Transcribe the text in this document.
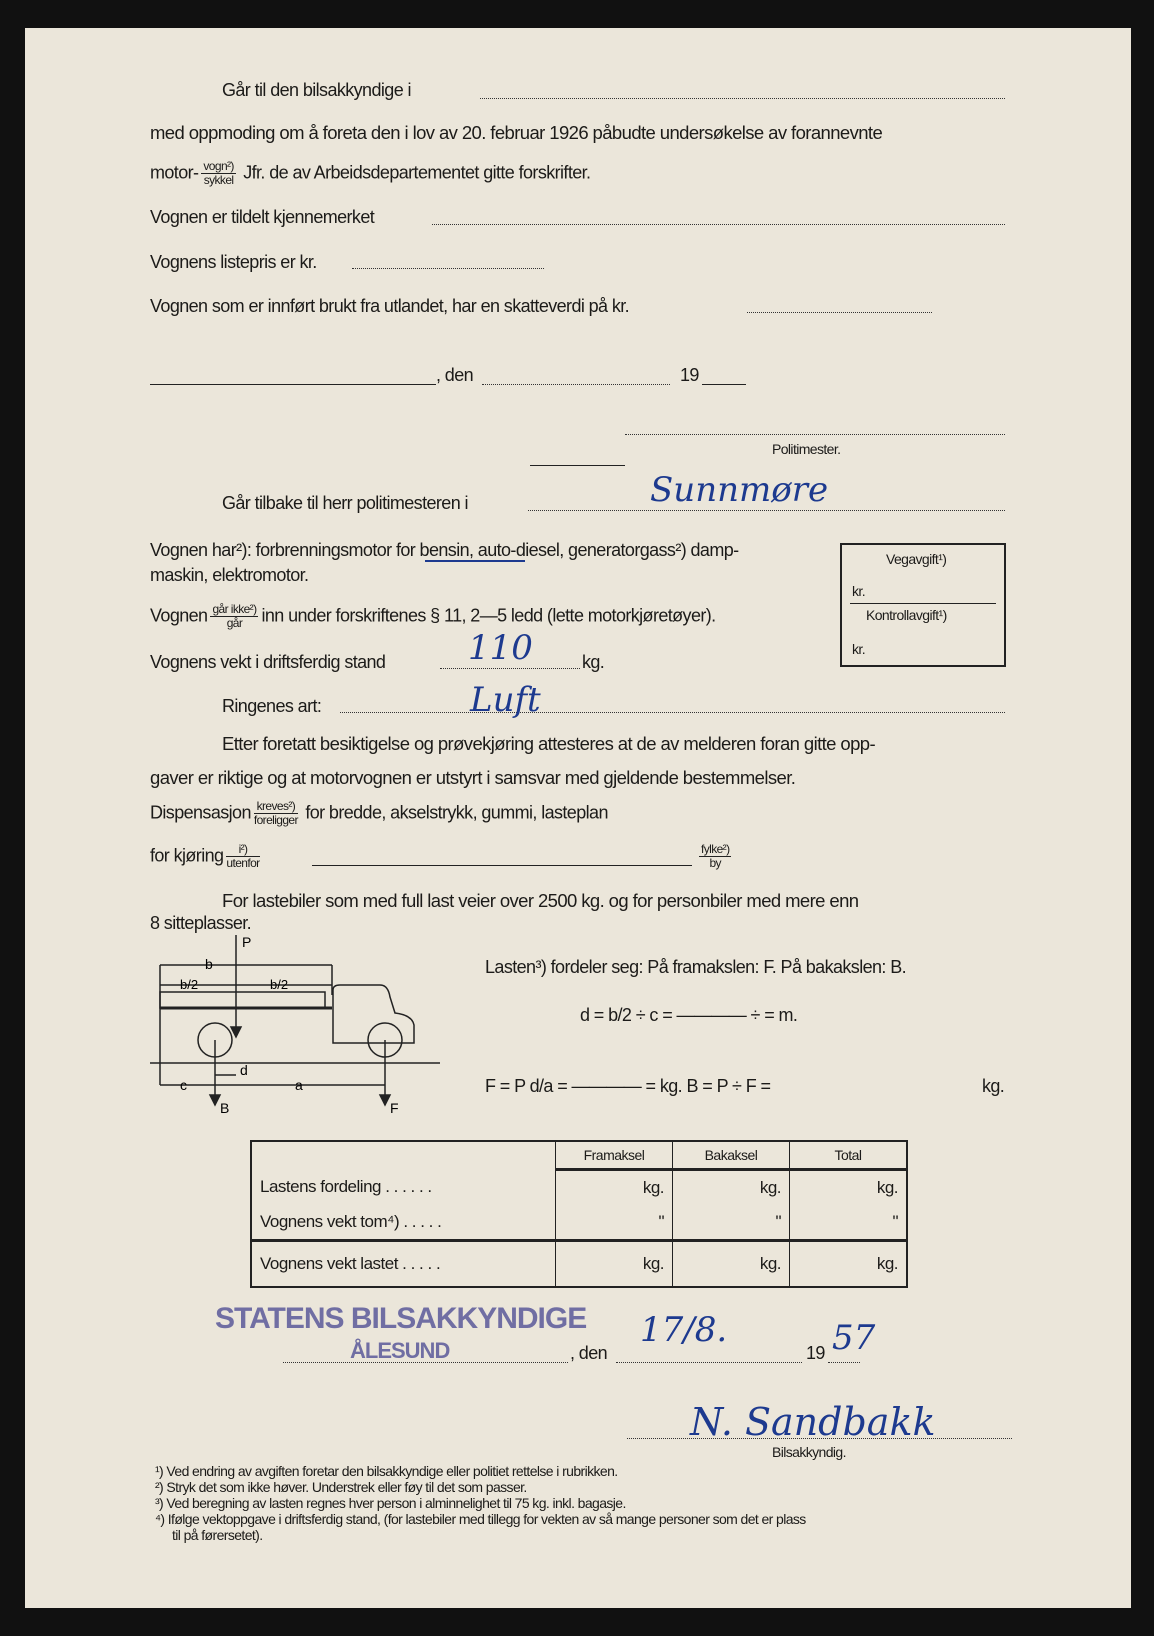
Går til den bilsakkyndige i
med oppmoding om å foreta den i lov av 20. februar 1926 påbudte undersøkelse av forannevnte
motor- $\frac{\text{vogn²)}}{\text{sykkel}}$ Jfr. de av Arbeidsdepartementet gitte forskrifter.
Vognen er tildelt kjennemerket
Vognens listepris er kr.
Vognen som er innført brukt fra utlandet, har en skatteverdi på kr.
, den	19
Politimester.
Går tilbake til herr politimesteren i	Sunnmøre
Vognen har²): forbrenningsmotor for bensin, auto-diesel, generatorgass²) damp-
maskin, elektromotor.
Vognen $\frac{\text{går ikke²)}}{\text{går}}$ inn under forskriftenes § 11, 2—5 ledd (lette motorkjøretøyer).
Vognens vekt i driftsferdig stand	kg.
110
Ringenes art:	Luft
Vegavgift¹)
kr.
Kontrollavgift¹)
kr.
Etter foretatt besiktigelse og prøvekjøring attesteres at de av melderen foran gitte opp-
gaver er riktige og at motorvognen er utstyrt i samsvar med gjeldende bestemmelser.
Dispensasjon $\frac{\text{kreves²)}}{\text{foreligger}}$ for bredde, akselstrykk, gummi, lasteplan
for kjøring $\frac{\text{i²)}}{\text{utenfor}}$	$\frac{\text{fylke²)}}{by}$
For lastebiler som med full last veier over 2500 kg. og for personbiler med mere enn
8 sitteplasser.
P
b
b/2	b/2
c	a
d
B	F
Lasten³) fordeler seg: På framakslen: F. På bakakslen: B.
d = b/2 ÷ c = ———— ÷ = m.
F = P d/a = ———— = kg. B = P ÷ F =	kg.
	Framaksel	Bakaksel	Total
Lastens fordeling . . . . . .	kg.	kg.	kg.
Vognens vekt tom⁴) . . . . .	"	"	"
Vognens vekt lastet . . . . .	kg.	kg.	kg.
STATENS BILSAKKYNDIGE
ÅLESUND	, den
17/8.
19 57
N. Sandbakk
Bilsakkyndig.
¹) Ved endring av avgiften foretar den bilsakkyndige eller politiet rettelse i rubrikken.
²) Stryk det som ikke høver. Understrek eller føy til det som passer.
³) Ved beregning av lasten regnes hver person i alminnelighet til 75 kg. inkl. bagasje.
⁴) Ifølge vektoppgave i driftsferdig stand, (for lastebiler med tillegg for vekten av så mange personer som det er plass
til på førersetet).
